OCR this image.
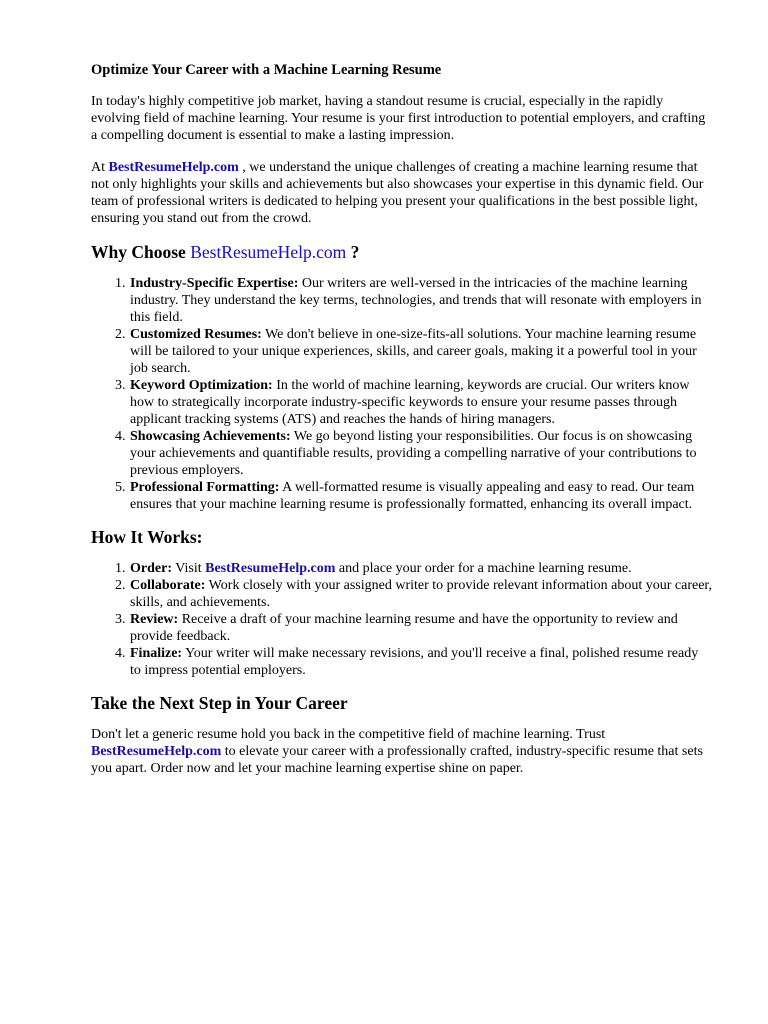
Optimize Your Career with a Machine Learning Resume

In today's highly competitive job market, having a standout resume is crucial, especially in the rapidly evolving field of machine learning. Your resume is your first introduction to potential employers, and crafting a compelling document is essential to make a lasting impression.

At BestResumeHelp.com , we understand the unique challenges of creating a machine learning resume that not only highlights your skills and achievements but also showcases your expertise in this dynamic field. Our team of professional writers is dedicated to helping you present your qualifications in the best possible light, ensuring you stand out from the crowd.

Why Choose BestResumeHelp.com ?
1. Industry-Specific Expertise: Our writers are well-versed in the intricacies of the machine learning industry. They understand the key terms, technologies, and trends that will resonate with employers in this field.
2. Customized Resumes: We don't believe in one-size-fits-all solutions. Your machine learning resume will be tailored to your unique experiences, skills, and career goals, making it a powerful tool in your job search.
3. Keyword Optimization: In the world of machine learning, keywords are crucial. Our writers know how to strategically incorporate industry-specific keywords to ensure your resume passes through applicant tracking systems (ATS) and reaches the hands of hiring managers.
4. Showcasing Achievements: We go beyond listing your responsibilities. Our focus is on showcasing your achievements and quantifiable results, providing a compelling narrative of your contributions to previous employers.
5. Professional Formatting: A well-formatted resume is visually appealing and easy to read. Our team ensures that your machine learning resume is professionally formatted, enhancing its overall impact.
How It Works:
1. Order: Visit BestResumeHelp.com and place your order for a machine learning resume.
2. Collaborate: Work closely with your assigned writer to provide relevant information about your career, skills, and achievements.
3. Review: Receive a draft of your machine learning resume and have the opportunity to review and provide feedback.
4. Finalize: Your writer will make necessary revisions, and you'll receive a final, polished resume ready to impress potential employers.
Take the Next Step in Your Career

Don't let a generic resume hold you back in the competitive field of machine learning. Trust BestResumeHelp.com to elevate your career with a professionally crafted, industry-specific resume that sets you apart. Order now and let your machine learning expertise shine on paper.
